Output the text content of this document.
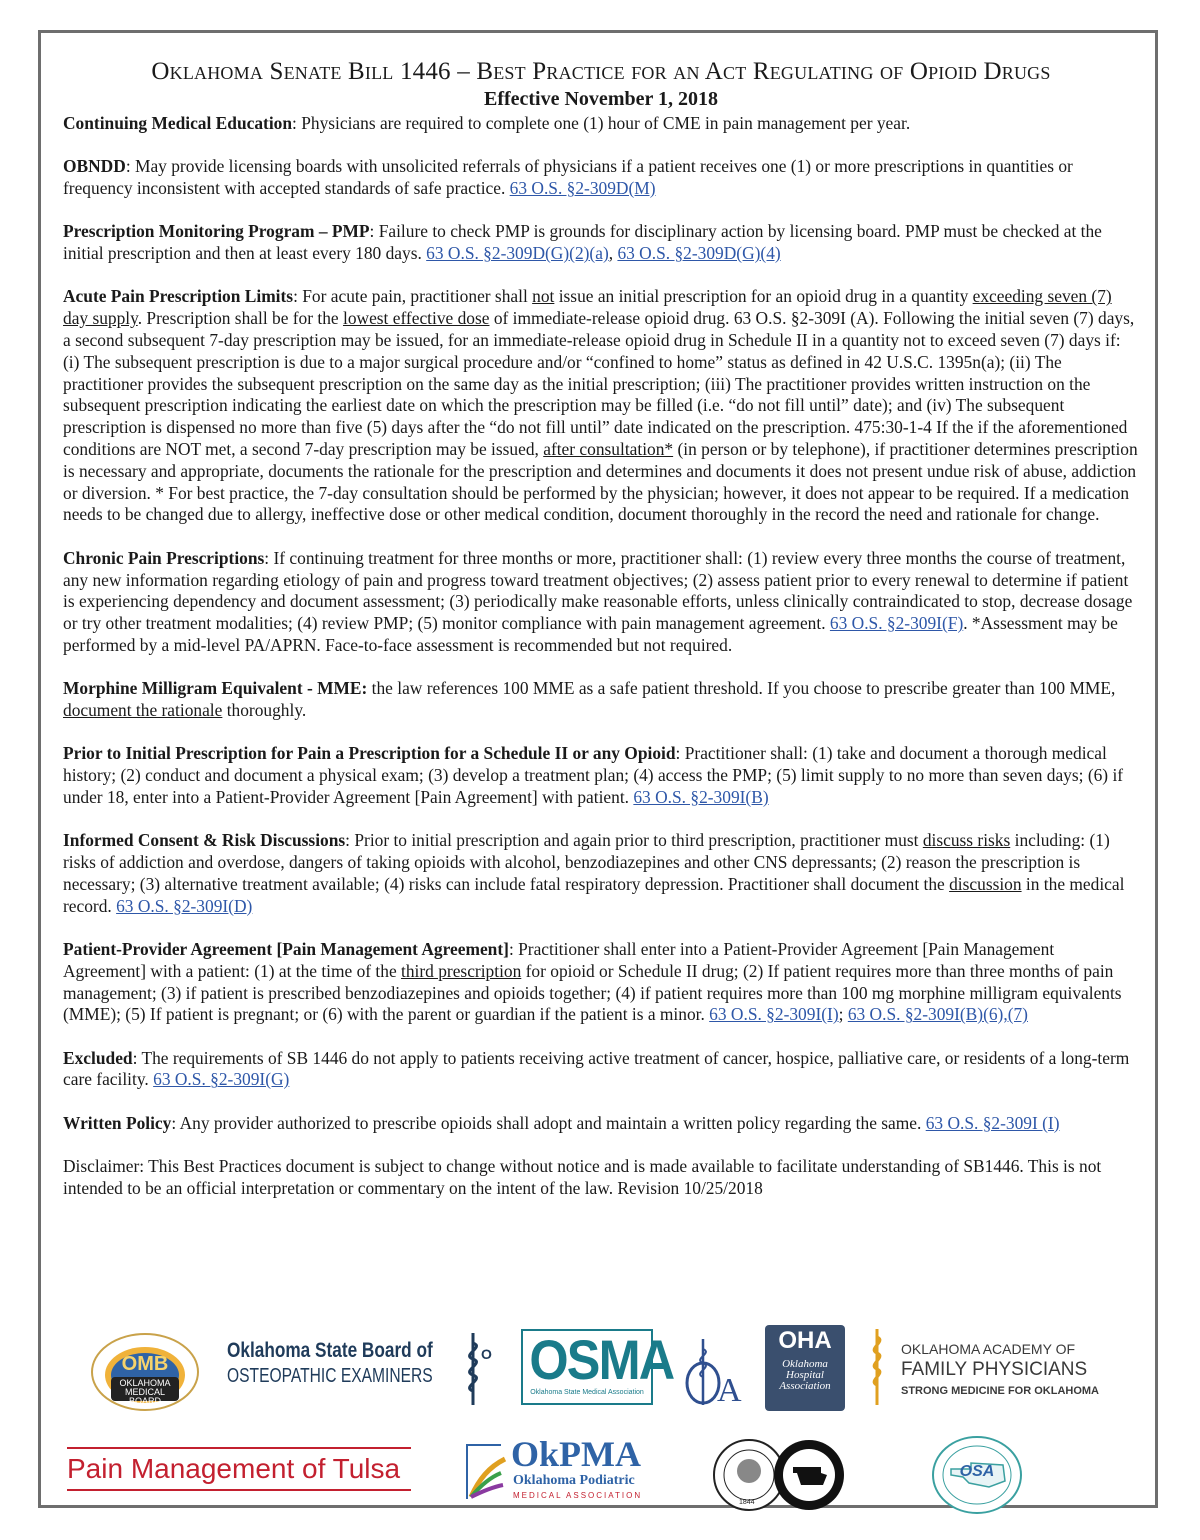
Oklahoma Senate Bill 1446 – Best Practice for an Act Regulating of Opioid Drugs
Effective November 1, 2018

Continuing Medical Education: Physicians are required to complete one (1) hour of CME in pain management per year.

OBNDD: May provide licensing boards with unsolicited referrals of physicians if a patient receives one (1) or more prescriptions in quantities or frequency inconsistent with accepted standards of safe practice. 63 O.S. §2-309D(M)

Prescription Monitoring Program – PMP: Failure to check PMP is grounds for disciplinary action by licensing board. PMP must be checked at the initial prescription and then at least every 180 days. 63 O.S. §2-309D(G)(2)(a), 63 O.S. §2-309D(G)(4)

Acute Pain Prescription Limits: For acute pain, practitioner shall not issue an initial prescription for an opioid drug in a quantity exceeding seven (7) day supply. Prescription shall be for the lowest effective dose of immediate-release opioid drug. 63 O.S. §2-309I (A). Following the initial seven (7) days, a second subsequent 7-day prescription may be issued, for an immediate-release opioid drug in Schedule II in a quantity not to exceed seven (7) days if: (i) The subsequent prescription is due to a major surgical procedure and/or “confined to home” status as defined in 42 U.S.C. 1395n(a); (ii) The practitioner provides the subsequent prescription on the same day as the initial prescription; (iii) The practitioner provides written instruction on the subsequent prescription indicating the earliest date on which the prescription may be filled (i.e. “do not fill until” date); and (iv) The subsequent prescription is dispensed no more than five (5) days after the “do not fill until” date indicated on the prescription. 475:30-1-4 If the if the aforementioned conditions are NOT met, a second 7-day prescription may be issued, after consultation* (in person or by telephone), if practitioner determines prescription is necessary and appropriate, documents the rationale for the prescription and determines and documents it does not present undue risk of abuse, addiction or diversion. * For best practice, the 7-day consultation should be performed by the physician; however, it does not appear to be required. If a medication needs to be changed due to allergy, ineffective dose or other medical condition, document thoroughly in the record the need and rationale for change.

Chronic Pain Prescriptions: If continuing treatment for three months or more, practitioner shall: (1) review every three months the course of treatment, any new information regarding etiology of pain and progress toward treatment objectives; (2) assess patient prior to every renewal to determine if patient is experiencing dependency and document assessment; (3) periodically make reasonable efforts, unless clinically contraindicated to stop, decrease dosage or try other treatment modalities; (4) review PMP; (5) monitor compliance with pain management agreement. 63 O.S. §2-309I(F). *Assessment may be performed by a mid-level PA/APRN. Face-to-face assessment is recommended but not required.

Morphine Milligram Equivalent - MME: the law references 100 MME as a safe patient threshold. If you choose to prescribe greater than 100 MME, document the rationale thoroughly.

Prior to Initial Prescription for Pain a Prescription for a Schedule II or any Opioid: Practitioner shall: (1) take and document a thorough medical history; (2) conduct and document a physical exam; (3) develop a treatment plan; (4) access the PMP; (5) limit supply to no more than seven days; (6) if under 18, enter into a Patient-Provider Agreement [Pain Agreement] with patient. 63 O.S. §2-309I(B)

Informed Consent & Risk Discussions: Prior to initial prescription and again prior to third prescription, practitioner must discuss risks including: (1) risks of addiction and overdose, dangers of taking opioids with alcohol, benzodiazepines and other CNS depressants; (2) reason the prescription is necessary; (3) alternative treatment available; (4) risks can include fatal respiratory depression. Practitioner shall document the discussion in the medical record. 63 O.S. §2-309I(D)

Patient-Provider Agreement [Pain Management Agreement]: Practitioner shall enter into a Patient-Provider Agreement [Pain Management Agreement] with a patient: (1) at the time of the third prescription for opioid or Schedule II drug; (2) If patient requires more than three months of pain management; (3) if patient is prescribed benzodiazepines and opioids together; (4) if patient requires more than 100 mg morphine milligram equivalents (MME); (5) If patient is pregnant; or (6) with the parent or guardian if the patient is a minor. 63 O.S. §2-309I(I); 63 O.S. §2-309I(B)(6),(7)

Excluded: The requirements of SB 1446 do not apply to patients receiving active treatment of cancer, hospice, palliative care, or residents of a long-term care facility. 63 O.S. §2-309I(G)

Written Policy: Any provider authorized to prescribe opioids shall adopt and maintain a written policy regarding the same. 63 O.S. §2-309I (I)

Disclaimer: This Best Practices document is subject to change without notice and is made available to facilitate understanding of SB1446. This is not intended to be an official interpretation or commentary on the intent of the law. Revision 10/25/2018

OMB
OKLAHOMA
MEDICAL
BOARD
Oklahoma State Board of
OSTEOPATHIC EXAMINERS
O OSMA
Oklahoma State Medical Association A
OHA
Oklahoma
Hospital
Association
OKLAHOMA ACADEMY OF
FAMILY PHYSICIANS
STRONG MEDICINE FOR OKLAHOMA
Pain Management of Tulsa	OkPMA
Oklahoma Podiatric
MEDICAL ASSOCIATION
1844
OSA
